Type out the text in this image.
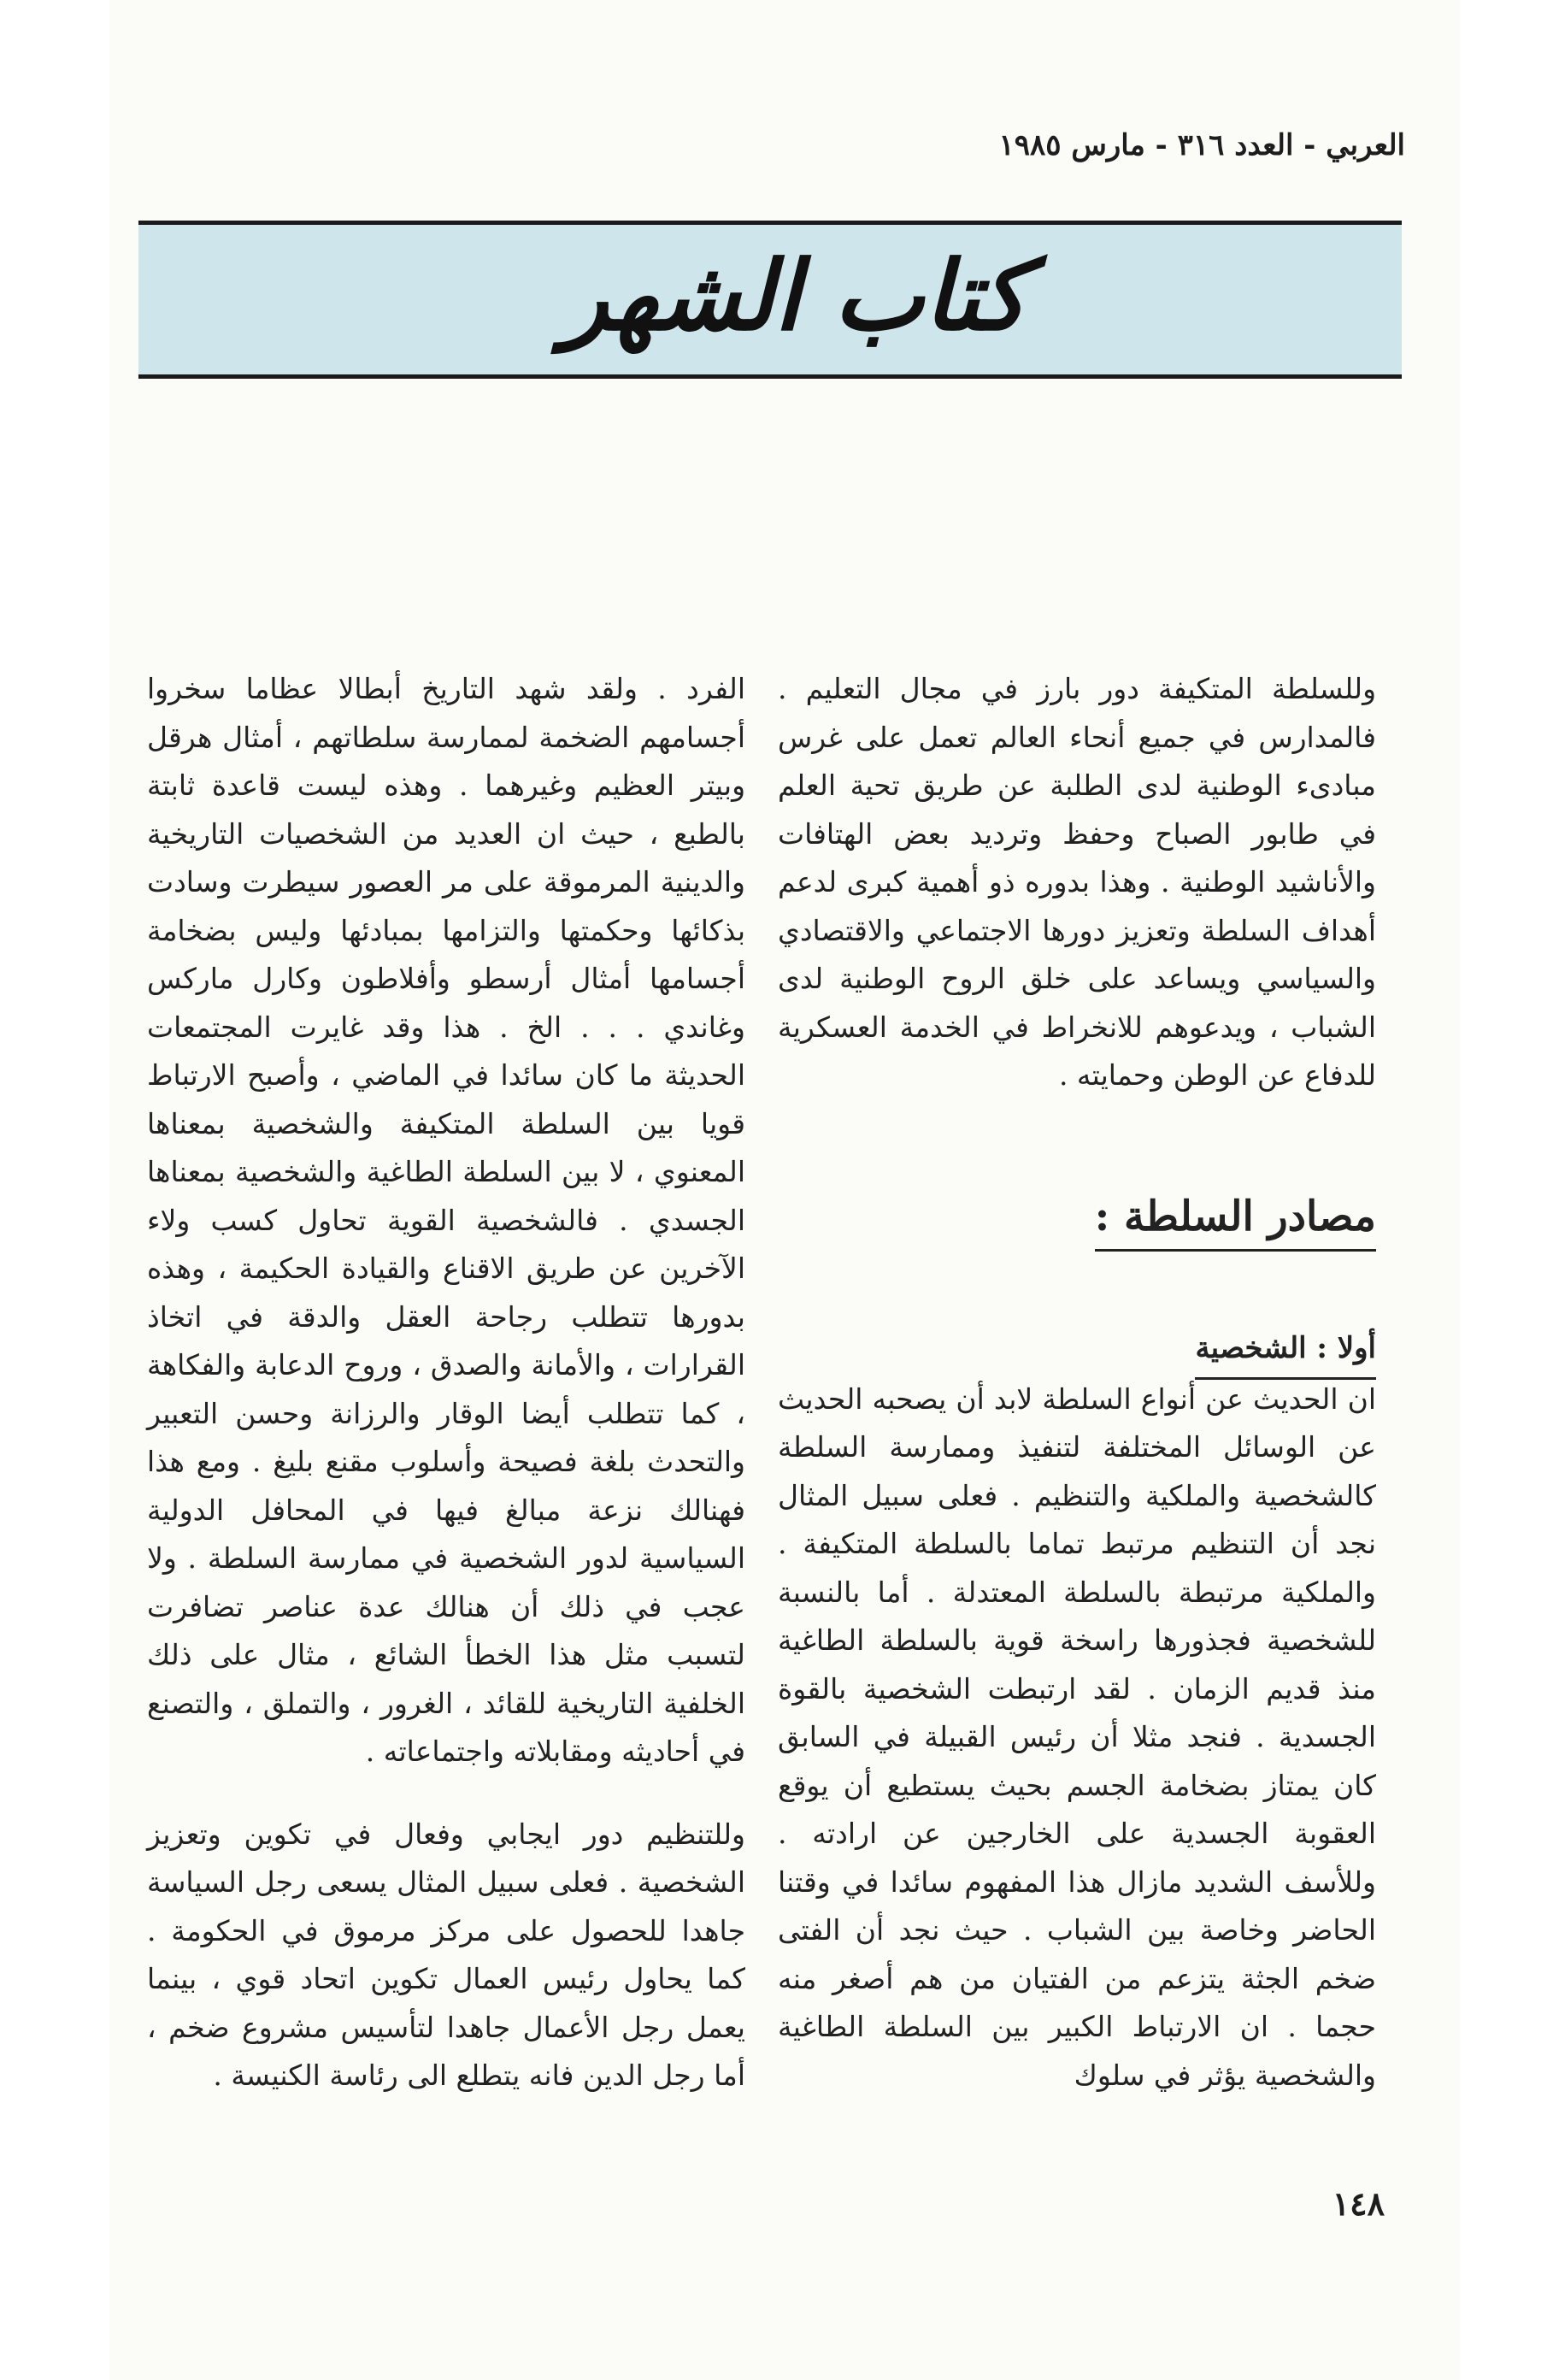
العربي - العدد ٣١٦ - مارس ١٩٨٥
كتاب الشهر

وللسلطة المتكيفة دور بارز في مجال التعليم . فالمدارس في جميع أنحاء العالم تعمل على غرس مبادىء الوطنية لدى الطلبة عن طريق تحية العلم في طابور الصباح وحفظ وترديد بعض الهتافات والأناشيد الوطنية . وهذا بدوره ذو أهمية كبرى لدعم أهداف السلطة وتعزيز دورها الاجتماعي والاقتصادي والسياسي ويساعد على خلق الروح الوطنية لدى الشباب ، ويدعوهم للانخراط في الخدمة العسكرية للدفاع عن الوطن وحمايته .

مصادر السلطة :
أولا : الشخصية

ان الحديث عن أنواع السلطة لابد أن يصحبه الحديث عن الوسائل المختلفة لتنفيذ وممارسة السلطة كالشخصية والملكية والتنظيم . فعلى سبيل المثال نجد أن التنظيم مرتبط تماما بالسلطة المتكيفة . والملكية مرتبطة بالسلطة المعتدلة . أما بالنسبة للشخصية فجذورها راسخة قوية بالسلطة الطاغية منذ قديم الزمان . لقد ارتبطت الشخصية بالقوة الجسدية . فنجد مثلا أن رئيس القبيلة في السابق كان يمتاز بضخامة الجسم بحيث يستطيع أن يوقع العقوبة الجسدية على الخارجين عن ارادته . وللأسف الشديد مازال هذا المفهوم سائدا في وقتنا الحاضر وخاصة بين الشباب . حيث نجد أن الفتى ضخم الجثة يتزعم من الفتيان من هم أصغر منه حجما . ان الارتباط الكبير بين السلطة الطاغية والشخصية يؤثر في سلوك

الفرد . ولقد شهد التاريخ أبطالا عظاما سخروا أجسامهم الضخمة لممارسة سلطاتهم ، أمثال هرقل وبيتر العظيم وغيرهما . وهذه ليست قاعدة ثابتة بالطبع ، حيث ان العديد من الشخصيات التاريخية والدينية المرموقة على مر العصور سيطرت وسادت بذكائها وحكمتها والتزامها بمبادئها وليس بضخامة أجسامها أمثال أرسطو وأفلاطون وكارل ماركس وغاندي . . . الخ . هذا وقد غايرت المجتمعات الحديثة ما كان سائدا في الماضي ، وأصبح الارتباط قويا بين السلطة المتكيفة والشخصية بمعناها المعنوي ، لا بين السلطة الطاغية والشخصية بمعناها الجسدي . فالشخصية القوية تحاول كسب ولاء الآخرين عن طريق الاقناع والقيادة الحكيمة ، وهذه بدورها تتطلب رجاحة العقل والدقة في اتخاذ القرارات ، والأمانة والصدق ، وروح الدعابة والفكاهة ، كما تتطلب أيضا الوقار والرزانة وحسن التعبير والتحدث بلغة فصيحة وأسلوب مقنع بليغ . ومع هذا فهنالك نزعة مبالغ فيها في المحافل الدولية السياسية لدور الشخصية في ممارسة السلطة . ولا عجب في ذلك أن هنالك عدة عناصر تضافرت لتسبب مثل هذا الخطأ الشائع ، مثال على ذلك الخلفية التاريخية للقائد ، الغرور ، والتملق ، والتصنع في أحاديثه ومقابلاته واجتماعاته .

وللتنظيم دور ايجابي وفعال في تكوين وتعزيز الشخصية . فعلى سبيل المثال يسعى رجل السياسة جاهدا للحصول على مركز مرموق في الحكومة . كما يحاول رئيس العمال تكوين اتحاد قوي ، بينما يعمل رجل الأعمال جاهدا لتأسيس مشروع ضخم ، أما رجل الدين فانه يتطلع الى رئاسة الكنيسة .

١٤٨
